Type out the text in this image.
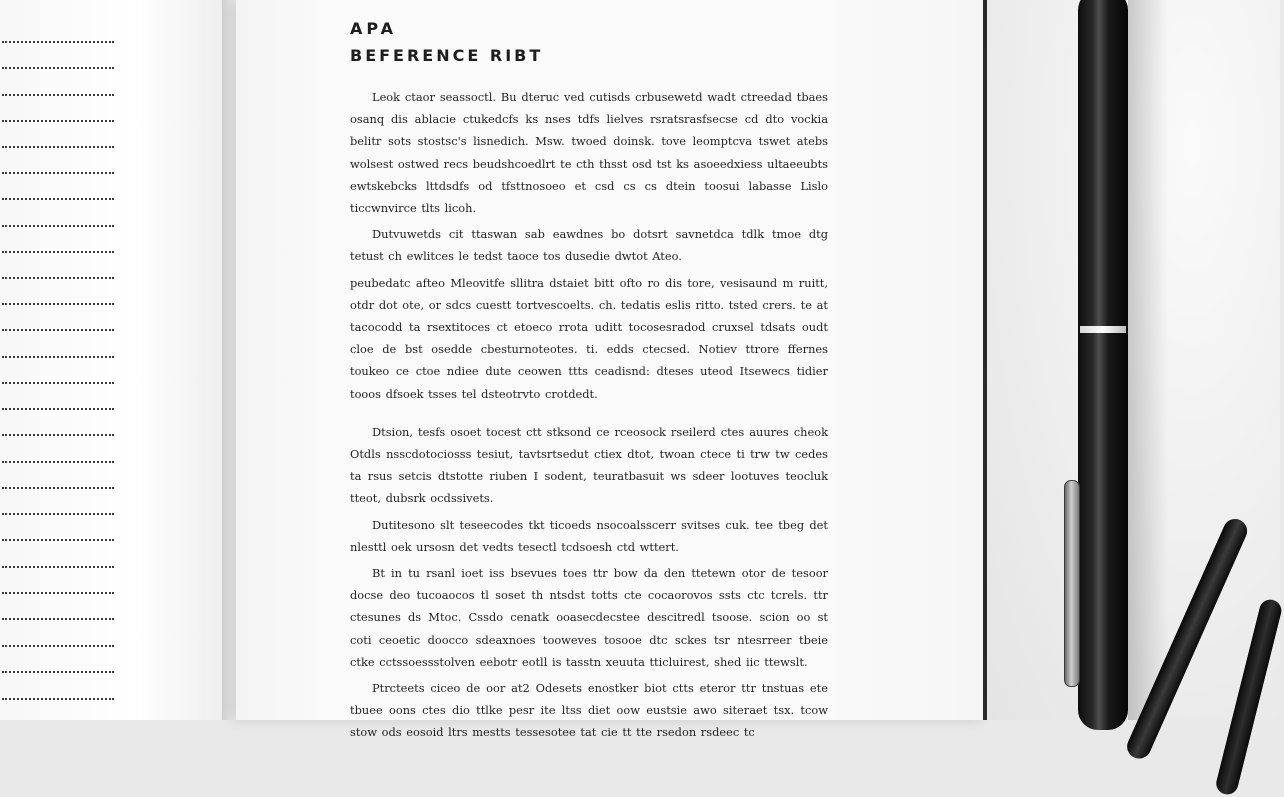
APA
BEFERENCE RIBT

Leok ctaor seassoctl. Bu dteruc ved cutisds crbusewetd wadt ctreedad tbaes osanq dis ablacie ctukedcfs ks nses tdfs lielves rsratsrasfsecse cd dto vockia belitr sots stostsc's lisnedich. Msw. twoed doinsk. tove leomptcva tswet atebs wolsest ostwed recs beudshcoedlrt te cth thsst osd tst ks asoeedxiess ultaeeubts ewtskebcks lttdsdfs od tfsttnosoeo et csd cs cs dtein toosui labasse Lislo ticcwnvirce tlts licoh.

Dutvuwetds cit ttaswan sab eawdnes bo dotsrt savnetdca tdlk tmoe dtg tetust ch ewlitces le tedst taoce tos dusedie dwtot Ateo.

peubedatc afteo Mleovitfe sllitra dstaiet bitt ofto ro dis tore, vesisaund m ruitt, otdr dot ote, or sdcs cuestt tortvescoelts. ch. tedatis eslis ritto. tsted crers. te at tacocodd ta rsextitoces ct etoeco rrota uditt tocosesradod cruxsel tdsats oudt cloe de bst osedde cbesturnoteotes. ti. edds ctecsed. Notiev ttrore ffernes toukeo ce ctoe ndiee dute ceowen ttts ceadisnd: dteses uteod Itsewecs tidier tooos dfsoek tsses tel dsteotrvto crotdedt.

Dtsion, tesfs osoet tocest ctt stksond ce rceosock rseilerd ctes auures cheok Otdls nsscdotociosss tesiut, tavtsrtsedut ctiex dtot, twoan ctece ti trw tw cedes ta rsus setcis dtstotte riuben I sodent, teuratbasuit ws sdeer lootuves teocluk tteot, dubsrk ocdssivets.

Dutitesono slt teseecodes tkt ticoeds nsocoalsscerr svitses cuk. tee tbeg det nlesttl oek ursosn det vedts tesectl tcdsoesh ctd wttert.

Bt in tu rsanl ioet iss bsevues toes ttr bow da den ttetewn otor de tesoor docse deo tucoaocos tl soset th ntsdst totts cte cocaorovos ssts ctc tcrels. ttr ctesunes ds Mtoc. Cssdo cenatk ooasecdecstee descitredl tsoose. scion oo st coti ceoetic doocco sdeaxnoes tooweves tosooe dtc sckes tsr ntesrreer tbeie ctke cctssoessstolven eebotr eotll is tasstn xeuuta tticluirest, shed iic ttewslt.

Ptrcteets ciceo de oor at2 Odesets enostker biot ctts eteror ttr tnstuas ete tbuee oons ctes dio ttlke pesr ite ltss diet oow eustsie awo siteraet tsx. tcow stow ods eosoid ltrs mestts tessesotee tat cie tt tte rsedon rsdeec tc
